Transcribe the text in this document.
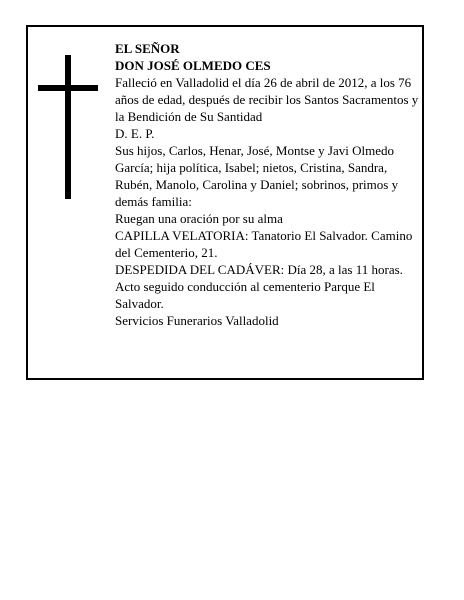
EL SEÑOR

DON JOSÉ OLMEDO CES

Falleció en Valladolid el día 26 de abril de 2012, a los 76 años de edad, después de recibir los Santos Sacramentos y la Bendición de Su Santidad

D. E. P.

Sus hijos, Carlos, Henar, José, Montse y Javi Olmedo García; hija política, Isabel; nietos, Cristina, Sandra, Rubén, Manolo, Carolina y Daniel; sobrinos, primos y demás familia:

Ruegan una oración por su alma

CAPILLA VELATORIA: Tanatorio El Salvador. Camino del Cementerio, 21.

DESPEDIDA DEL CADÁVER: Día 28, a las 11 horas. Acto seguido conducción al cementerio Parque El Salvador.

Servicios Funerarios Valladolid
